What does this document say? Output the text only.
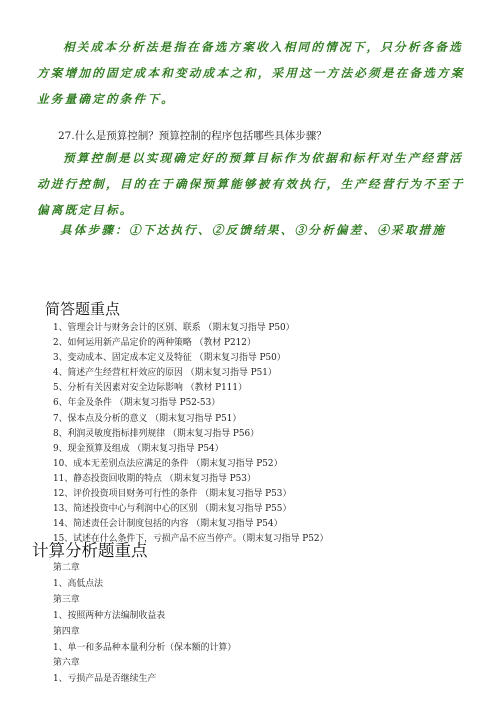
相关成本分析法是指在备选方案收入相同的情况下，只分析各备选方案增加的固定成本和变动成本之和，采用这一方法必须是在备选方案业务量确定的条件下。
27.什么是预算控制？预算控制的程序包括哪些具体步骤？
预算控制是以实现确定好的预算目标作为依据和标杆对生产经营活动进行控制，目的在于确保预算能够被有效执行，生产经营行为不至于偏离既定目标。
具体步骤：①下达执行、②反馈结果、③分析偏差、④采取措施
简答题重点
1、管理会计与财务会计的区别、联系 （期末复习指导 P50）
2、如何运用新产品定价的两种策略 （教材 P212）
3、变动成本、固定成本定义及特征 （期末复习指导 P50）
4、简述产生经营杠杆效应的原因 （期末复习指导 P51）
5、分析有关因素对安全边际影响 （教材 P111）
6、年金及条件 （期末复习指导 P52-53）
7、保本点及分析的意义 （期末复习指导 P51）
8、利润灵敏度指标排列规律 （期末复习指导 P56）
9、现金预算及组成 （期末复习指导 P54）
10、成本无差别点法应满足的条件 （期末复习指导 P52）
11、静态投资回收期的特点 （期末复习指导 P53）
12、评价投资项目财务可行性的条件 （期末复习指导 P53）
13、简述投资中心与利润中心的区别 （期末复习指导 P55）
14、简述责任会计制度包括的内容 （期末复习指导 P54）
15、试述在什么条件下，亏损产品不应当停产。（期末复习指导 P52）
计算分析题重点
第二章
1、高低点法
第三章
1、按照两种方法编制收益表
第四章
1、单一和多品种本量利分析（保本额的计算）
第六章
1、亏损产品是否继续生产
